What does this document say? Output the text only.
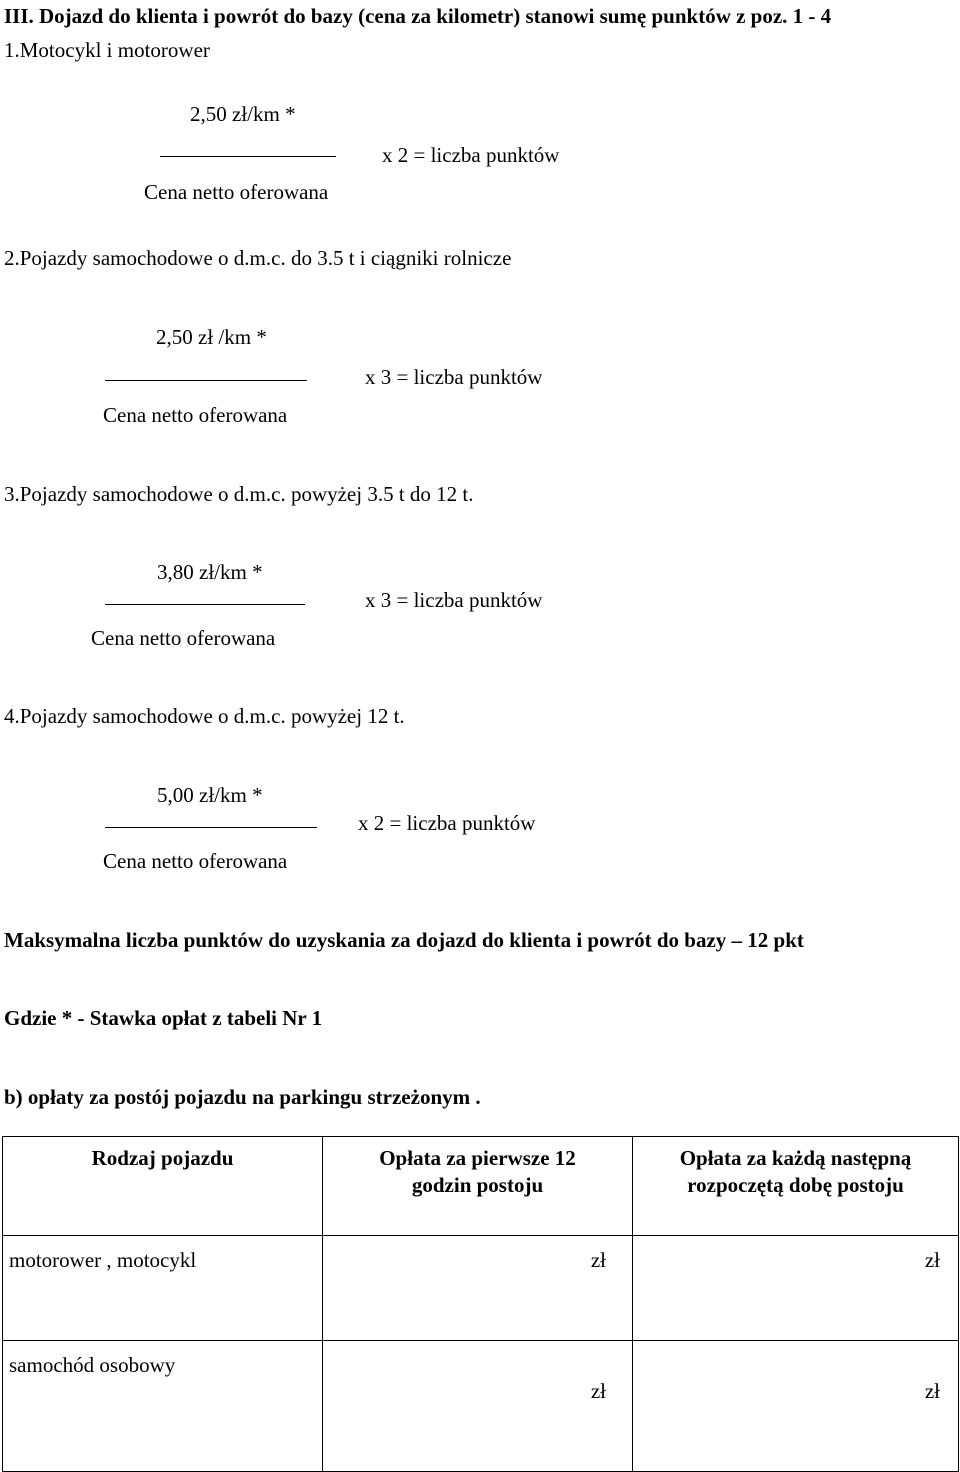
III. Dojazd do klienta i powrót do bazy (cena za kilometr) stanowi sumę punktów z poz. 1 - 4
1.Motocykl i motorower
2,50 zł/km *
x 2 = liczba punktów
Cena netto oferowana
2.Pojazdy samochodowe o d.m.c. do 3.5 t i ciągniki rolnicze
2,50 zł /km *
x 3 = liczba punktów
Cena netto oferowana
3.Pojazdy samochodowe o d.m.c. powyżej 3.5 t do 12 t.
3,80 zł/km *
x 3 = liczba punktów
Cena netto oferowana
4.Pojazdy samochodowe o d.m.c. powyżej 12 t.
5,00 zł/km *
x 2 = liczba punktów
Cena netto oferowana
Maksymalna liczba punktów do uzyskania za dojazd do klienta i powrót do bazy – 12 pkt
Gdzie * - Stawka opłat z tabeli Nr 1
b) opłaty za postój pojazdu na parkingu strzeżonym .
Rodzaj pojazdu	Opłata za pierwsze 12 godzin postoju	Opłata za każdą następną rozpoczętą dobę postoju
motorower , motocykl	zł	zł
samochód osobowy	zł	zł
